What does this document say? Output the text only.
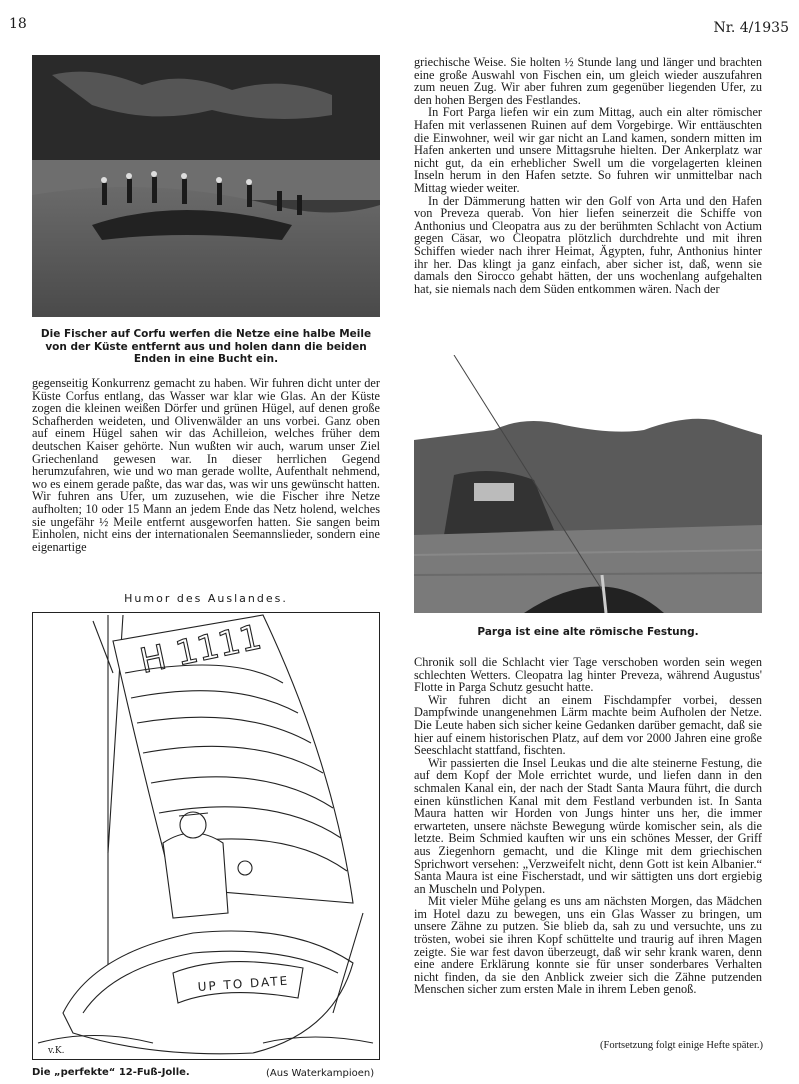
18	Nr. 4/1935
Die Fischer auf Corfu werfen die Netze eine halbe Meile von der Küste entfernt aus und holen dann die beiden Enden in eine Bucht ein.

gegenseitig Konkurrenz gemacht zu haben. Wir fuhren dicht unter der Küste Corfus entlang, das Wasser war klar wie Glas. An der Küste zogen die kleinen weißen Dörfer und grünen Hügel, auf denen große Schafherden weideten, und Olivenwälder an uns vorbei. Ganz oben auf einem Hügel sahen wir das Achilleion, welches früher dem deutschen Kaiser gehörte. Nun wußten wir auch, warum unser Ziel Griechenland gewesen war. In dieser herrlichen Gegend herumzufahren, wie und wo man gerade wollte, Aufenthalt nehmend, wo es einem gerade paßte, das war das, was wir uns gewünscht hatten. Wir fuhren ans Ufer, um zuzusehen, wie die Fischer ihre Netze aufholten; 10 oder 15 Mann an jedem Ende das Netz holend, welches sie ungefähr ½ Meile entfernt ausgeworfen hatten. Sie sangen beim Einholen, nicht eins der internationalen Seemannslieder, sondern eine eigenartige

Humor des Auslandes.
H 1111
UP TO DATE
v.K.
Die „perfekte“ 12-Fuß-Jolle.	(Aus Waterkampioen)

griechische Weise. Sie holten ½ Stunde lang und länger und brachten eine große Auswahl von Fischen ein, um gleich wieder auszufahren zum neuen Zug. Wir aber fuhren zum gegenüber liegenden Ufer, zu den hohen Bergen des Festlandes.

In Fort Parga liefen wir ein zum Mittag, auch ein alter römischer Hafen mit verlassenen Ruinen auf dem Vorgebirge. Wir enttäuschten die Einwohner, weil wir gar nicht an Land kamen, sondern mitten im Hafen ankerten und unsere Mittagsruhe hielten. Der Ankerplatz war nicht gut, da ein erheblicher Swell um die vorgelagerten kleinen Inseln herum in den Hafen setzte. So fuhren wir unmittelbar nach Mittag wieder weiter.

In der Dämmerung hatten wir den Golf von Arta und den Hafen von Preveza querab. Von hier liefen seinerzeit die Schiffe von Anthonius und Cleopatra aus zu der berühmten Schlacht von Actium gegen Cäsar, wo Cleopatra plötzlich durchdrehte und mit ihren Schiffen wieder nach ihrer Heimat, Ägypten, fuhr, Anthonius hinter ihr her. Das klingt ja ganz einfach, aber sicher ist, daß, wenn sie damals den Sirocco gehabt hätten, der uns wochenlang aufgehalten hat, sie niemals nach dem Süden entkommen wären. Nach der

Parga ist eine alte römische Festung.

Chronik soll die Schlacht vier Tage verschoben worden sein wegen schlechten Wetters. Cleopatra lag hinter Preveza, während Augustus' Flotte in Parga Schutz gesucht hatte.

Wir fuhren dicht an einem Fischdampfer vorbei, dessen Dampfwinde unangenehmen Lärm machte beim Aufholen der Netze. Die Leute haben sich sicher keine Gedanken darüber gemacht, daß sie hier auf einem historischen Platz, auf dem vor 2000 Jahren eine große Seeschlacht stattfand, fischten.

Wir passierten die Insel Leukas und die alte steinerne Festung, die auf dem Kopf der Mole errichtet wurde, und liefen dann in den schmalen Kanal ein, der nach der Stadt Santa Maura führt, die durch einen künstlichen Kanal mit dem Festland verbunden ist. In Santa Maura hatten wir Horden von Jungs hinter uns her, die immer erwarteten, unsere nächste Bewegung würde komischer sein, als die letzte. Beim Schmied kauften wir uns ein schönes Messer, der Griff aus Ziegenhorn gemacht, und die Klinge mit dem griechischen Sprichwort versehen: „Verzweifelt nicht, denn Gott ist kein Albanier.“ Santa Maura ist eine Fischerstadt, und wir sättigten uns dort ergiebig an Muscheln und Polypen.

Mit vieler Mühe gelang es uns am nächsten Morgen, das Mädchen im Hotel dazu zu bewegen, uns ein Glas Wasser zu bringen, um unsere Zähne zu putzen. Sie blieb da, sah zu und versuchte, uns zu trösten, wobei sie ihren Kopf schüttelte und traurig auf ihren Magen zeigte. Sie war fest davon überzeugt, daß wir sehr krank waren, denn eine andere Erklärung konnte sie für unser sonderbares Verhalten nicht finden, da sie den Anblick zweier sich die Zähne putzenden Menschen sicher zum ersten Male in ihrem Leben genoß.

(Fortsetzung folgt einige Hefte später.)
